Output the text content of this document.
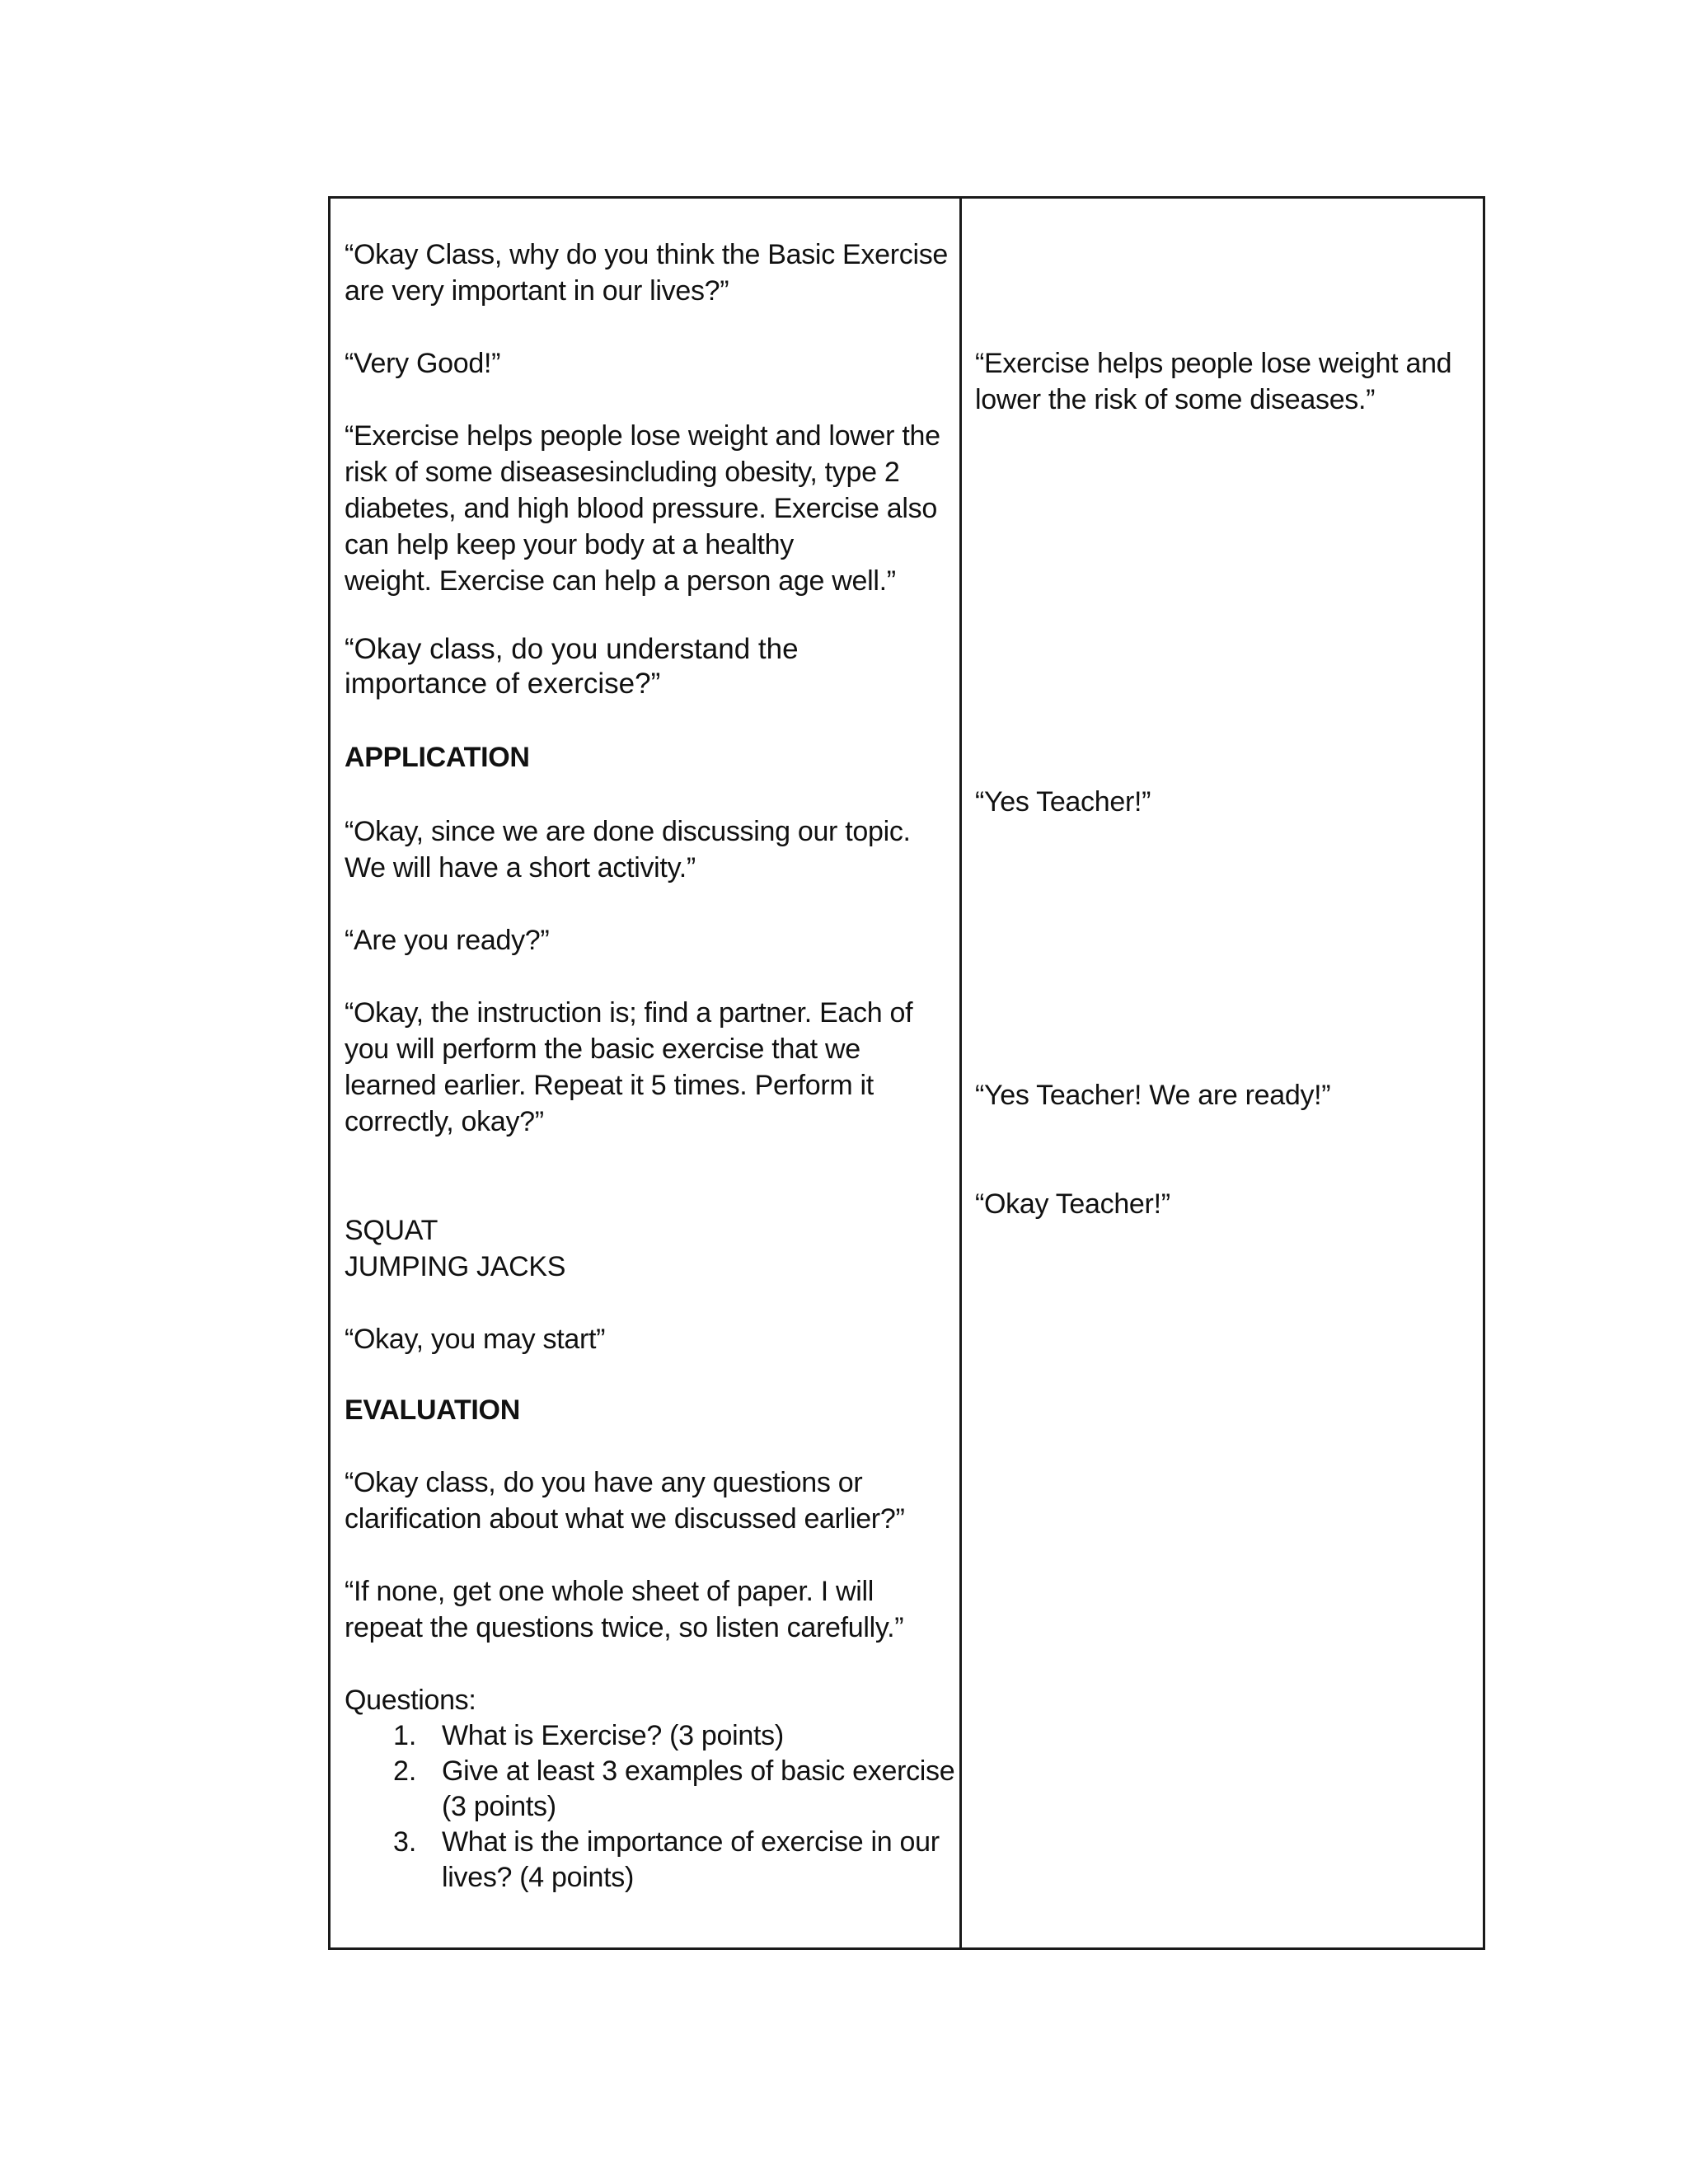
“Okay Class, why do you think the Basic Exercise

are very important in our lives?”

“Very Good!”

“Exercise helps people lose weight and lower the

risk of some diseasesincluding obesity, type 2

diabetes, and high blood pressure. Exercise also

can help keep your body at a healthy

weight. Exercise can help a person age well.”

“Okay class, do you understand the

importance of exercise?”

APPLICATION

“Okay, since we are done discussing our topic.

We will have a short activity.”

“Are you ready?”

“Okay, the instruction is; find a partner. Each of

you will perform the basic exercise that we

learned earlier. Repeat it 5 times. Perform it

correctly, okay?”

SQUAT

JUMPING JACKS

“Okay, you may start”

EVALUATION

“Okay class, do you have any questions or

clarification about what we discussed earlier?”

“If none, get one whole sheet of paper. I will

repeat the questions twice, so listen carefully.”

Questions:

1. What is Exercise? (3 points)

2. Give at least 3 examples of basic exercise

(3 points)

3. What is the importance of exercise in our

lives? (4 points)

“Exercise helps people lose weight and

lower the risk of some diseases.”

“Yes Teacher!”

“Yes Teacher! We are ready!”

“Okay Teacher!”
